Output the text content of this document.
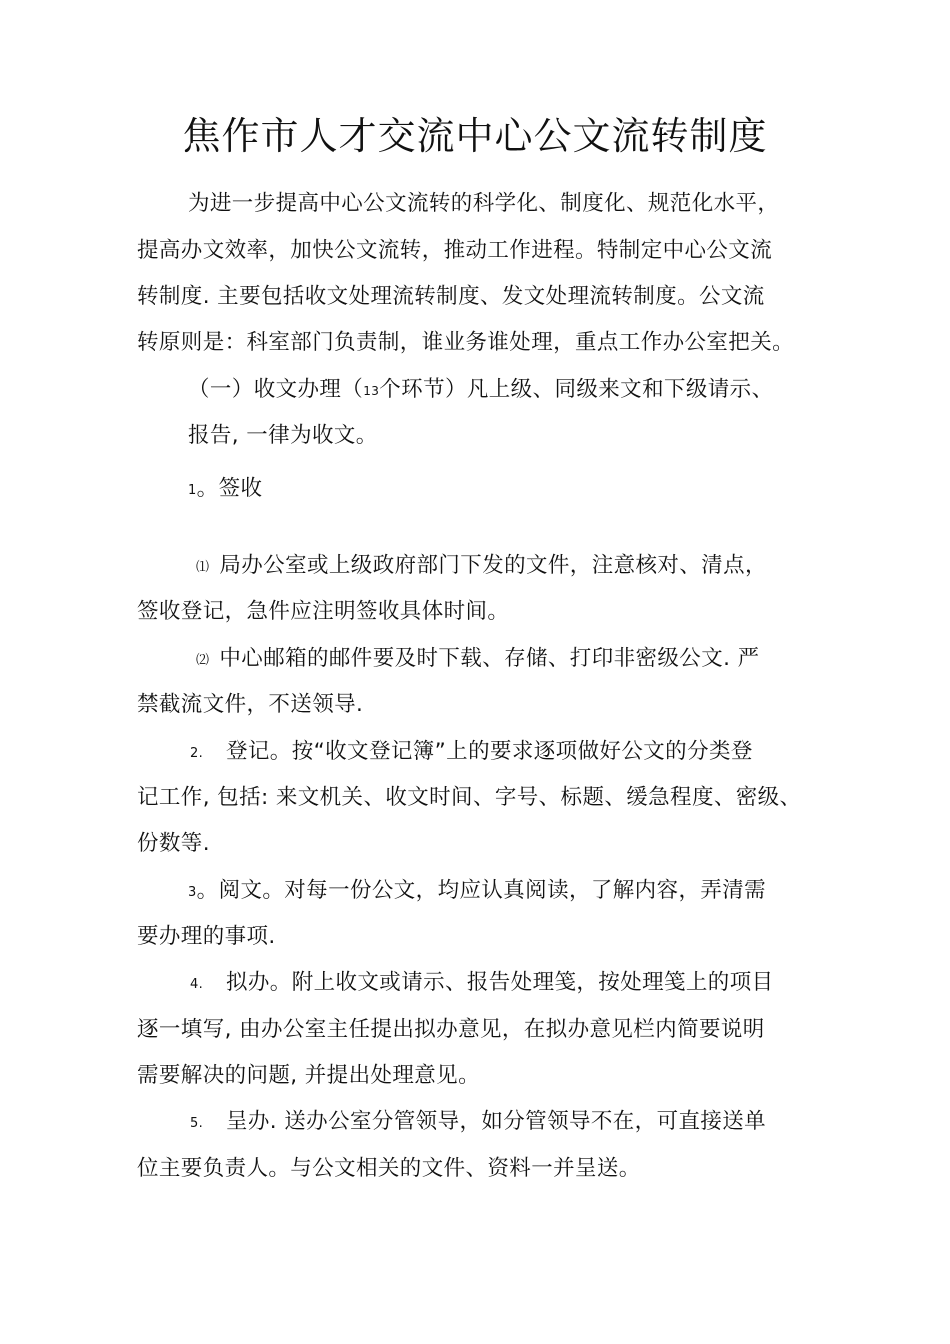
焦作市人才交流中心公文流转制度
为进一步提高中心公文流转的科学化、制度化、规范化水平，
提高办文效率，加快公文流转，推动工作进程。特制定中心公文流
转制度. 主要包括收文处理流转制度、发文处理流转制度。公文流
转原则是：科室部门负责制，谁业务谁处理，重点工作办公室把关。
（一）收文办理（13个环节）凡上级、同级来文和下级请示、
报告, 一律为收文。
1。签收
⑴ 局办公室或上级政府部门下发的文件，注意核对、清点，
签收登记，急件应注明签收具体时间。
⑵ 中心邮箱的邮件要及时下载、存储、打印非密级公文. 严
禁截流文件，不送领导.
2. 登记。按“收文登记簿”上的要求逐项做好公文的分类登
记工作, 包括: 来文机关、收文时间、字号、标题、缓急程度、密级、
份数等.
3。阅文。对每一份公文，均应认真阅读，了解内容，弄清需
要办理的事项.
4. 拟办。附上收文或请示、报告处理笺，按处理笺上的项目
逐一填写, 由办公室主任提出拟办意见，在拟办意见栏内简要说明
需要解决的问题, 并提出处理意见。
5. 呈办. 送办公室分管领导，如分管领导不在，可直接送单
位主要负责人。与公文相关的文件、资料一并呈送。
